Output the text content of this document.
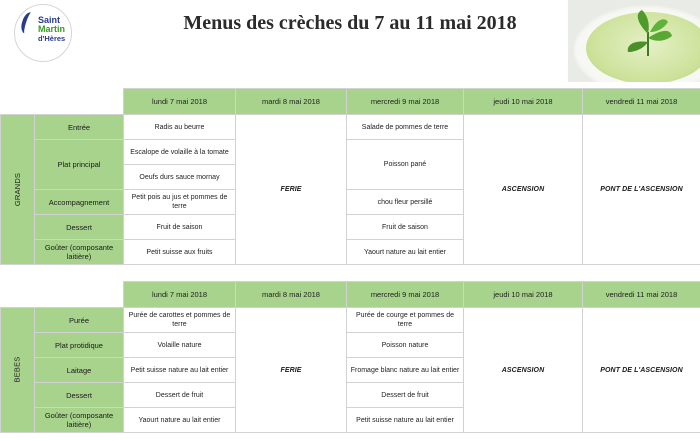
Saint
Martin
d'Hères
Menus des crèches du 7 au 11 mai 2018
		lundi 7 mai 2018	mardi 8 mai 2018	mercredi 9 mai 2018	jeudi 10 mai 2018	vendredi 11 mai 2018
GRANDS	Entrée	Radis au beurre	FERIE	Salade de pommes de terre	ASCENSION	PONT DE L'ASCENSION
	Plat principal	Escalope de volaille à la tomate		Poisson pané		
		Oeufs durs sauce mornay				
	Accompagnement	Petit pois au jus et pommes de terre		chou fleur persillé		
	Dessert	Fruit de saison		Fruit de saison		
	Goûter (composante laitière)	Petit suisse aux fruits		Yaourt nature au lait entier		
		lundi 7 mai 2018	mardi 8 mai 2018	mercredi 9 mai 2018	jeudi 10 mai 2018	vendredi 11 mai 2018
BEBES	Purée	Purée de carottes et pommes de terre	FERIE	Purée de courge et pommes de terre	ASCENSION	PONT DE L'ASCENSION
	Plat protidique	Volaille nature		Poisson nature		
	Laitage	Petit suisse nature au lait entier		Fromage blanc nature au lait entier		
	Dessert	Dessert de fruit		Dessert de fruit		
	Goûter (composante laitière)	Yaourt nature au lait entier		Petit suisse nature au lait entier		
